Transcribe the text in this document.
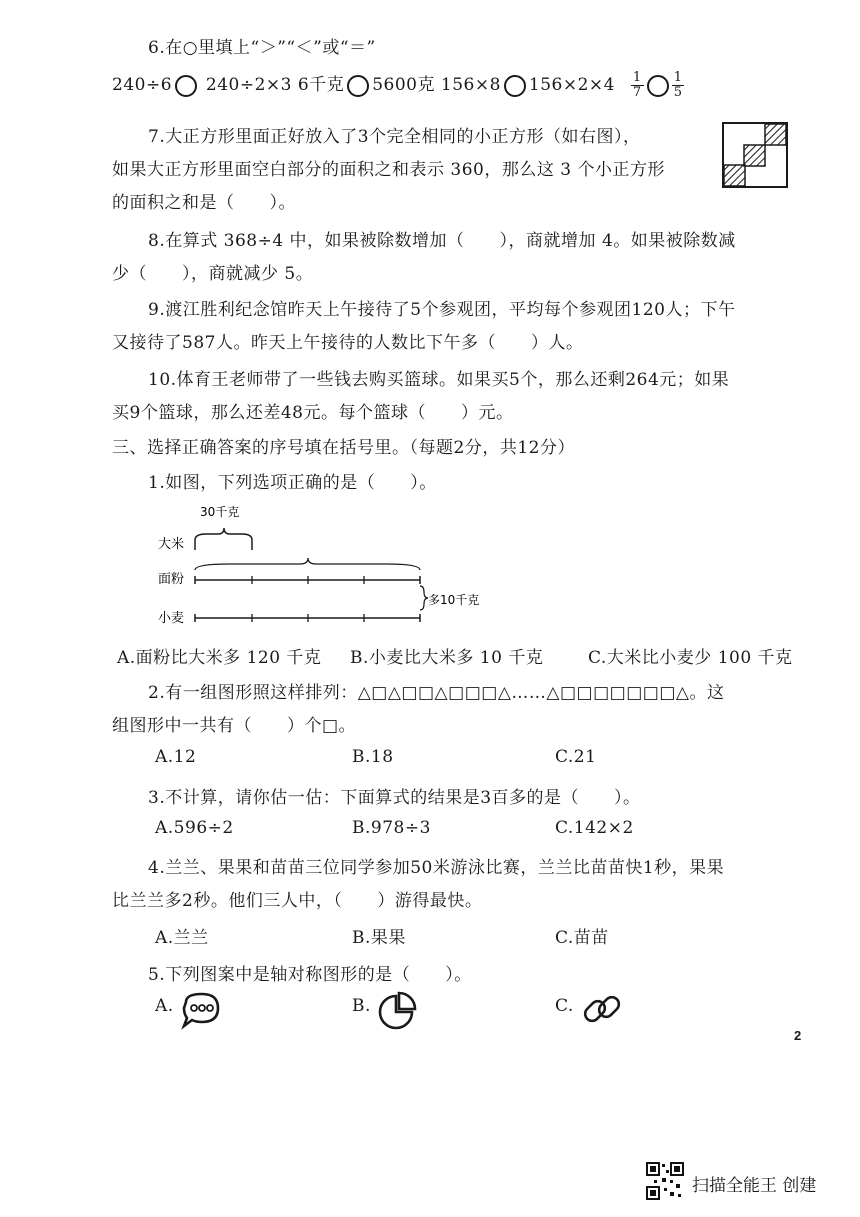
6.在○里填上“＞”“＜”或“＝”
240÷6 240÷2×3 6千克 5600克 156×8 $156\times 2\times 4 \frac{1}{7} \frac{1}{5}$
7.大正方形里面正好放入了3个完全相同的小正方形（如右图），
如果大正方形里面空白部分的面积之和表示 360，那么这 3 个小正方形
的面积之和是（　　）。
8.在算式 368÷4 中，如果被除数增加（　　），商就增加 4。如果被除数减
少（　　），商就减少 5。
9.渡江胜利纪念馆昨天上午接待了5个参观团，平均每个参观团120人；下午
又接待了587人。昨天上午接待的人数比下午多（　　）人。
10.体育王老师带了一些钱去购买篮球。如果买5个，那么还剩264元；如果
买9个篮球，那么还差48元。每个篮球（　　）元。
三、选择正确答案的序号填在括号里。（每题2分，共12分）
1.如图，下列选项正确的是（　　）。
30千克
大米
面粉
小麦
多10千克
A.面粉比大米多 120 千克 B.小麦比大米多 10 千克	C.大米比小麦少 100 千克
2.有一组图形照这样排列：△□△□□△□□□△……△□□□□□□□△。这
组图形中一共有（　　）个□。
A.12	B.18	C.21
3.不计算，请你估一估：下面算式的结果是3百多的是（　　）。
A.596÷2	B.978÷3	C.142×2
4.兰兰、果果和苗苗三位同学参加50米游泳比赛，兰兰比苗苗快1秒，果果
比兰兰多2秒。他们三人中，（　　）游得最快。
A.兰兰	B.果果	C.苗苗
5.下列图案中是轴对称图形的是（　　）。
A.	B.	C.
2
扫描全能王 创建
